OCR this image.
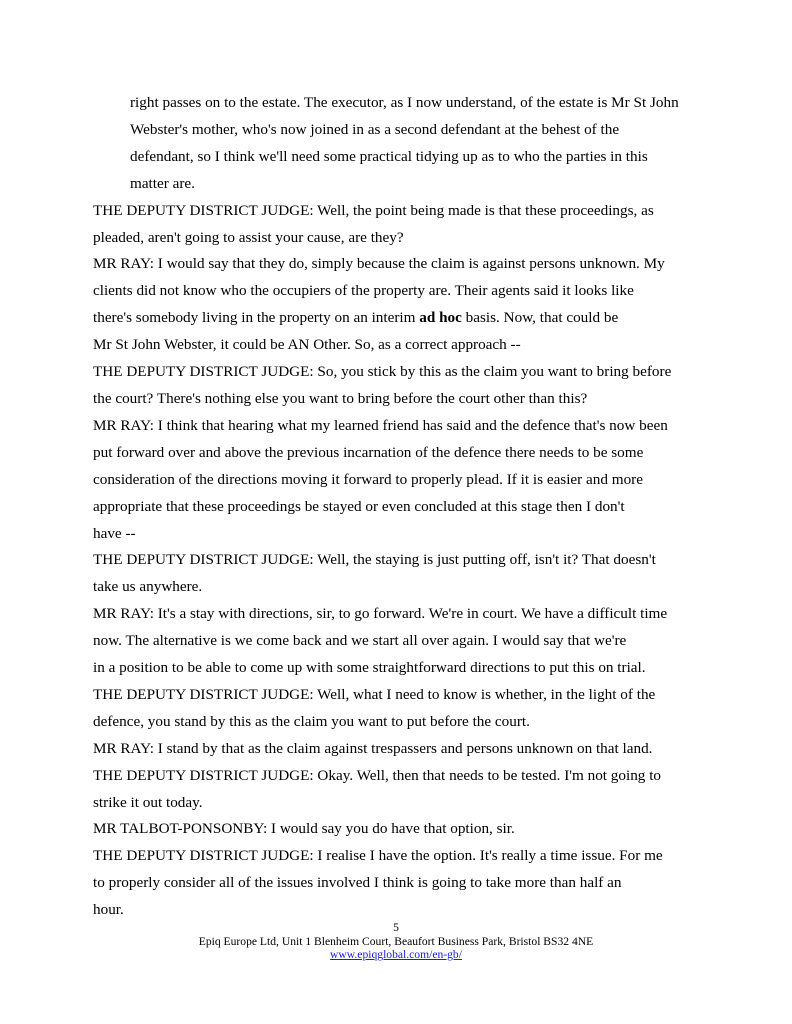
right passes on to the estate. The executor, as I now understand, of the estate is Mr St John
Webster's mother, who's now joined in as a second defendant at the behest of the
defendant, so I think we'll need some practical tidying up as to who the parties in this
matter are.

THE DEPUTY DISTRICT JUDGE: Well, the point being made is that these proceedings, as
pleaded, aren't going to assist your cause, are they?

MR RAY: I would say that they do, simply because the claim is against persons unknown. My
clients did not know who the occupiers of the property are. Their agents said it looks like
there's somebody living in the property on an interim ad hoc basis. Now, that could be
Mr St John Webster, it could be AN Other. So, as a correct approach --

THE DEPUTY DISTRICT JUDGE: So, you stick by this as the claim you want to bring before
the court? There's nothing else you want to bring before the court other than this?

MR RAY: I think that hearing what my learned friend has said and the defence that's now been
put forward over and above the previous incarnation of the defence there needs to be some
consideration of the directions moving it forward to properly plead. If it is easier and more
appropriate that these proceedings be stayed or even concluded at this stage then I don't
have --

THE DEPUTY DISTRICT JUDGE: Well, the staying is just putting off, isn't it? That doesn't
take us anywhere.

MR RAY: It's a stay with directions, sir, to go forward. We're in court. We have a difficult time
now. The alternative is we come back and we start all over again. I would say that we're
in a position to be able to come up with some straightforward directions to put this on trial.

THE DEPUTY DISTRICT JUDGE: Well, what I need to know is whether, in the light of the
defence, you stand by this as the claim you want to put before the court.

MR RAY: I stand by that as the claim against trespassers and persons unknown on that land.

THE DEPUTY DISTRICT JUDGE: Okay. Well, then that needs to be tested. I'm not going to
strike it out today.

MR TALBOT-PONSONBY: I would say you do have that option, sir.

THE DEPUTY DISTRICT JUDGE: I realise I have the option. It's really a time issue. For me
to properly consider all of the issues involved I think is going to take more than half an
hour.

5
Epiq Europe Ltd, Unit 1 Blenheim Court, Beaufort Business Park, Bristol BS32 4NE
www.epiqglobal.com/en-gb/
